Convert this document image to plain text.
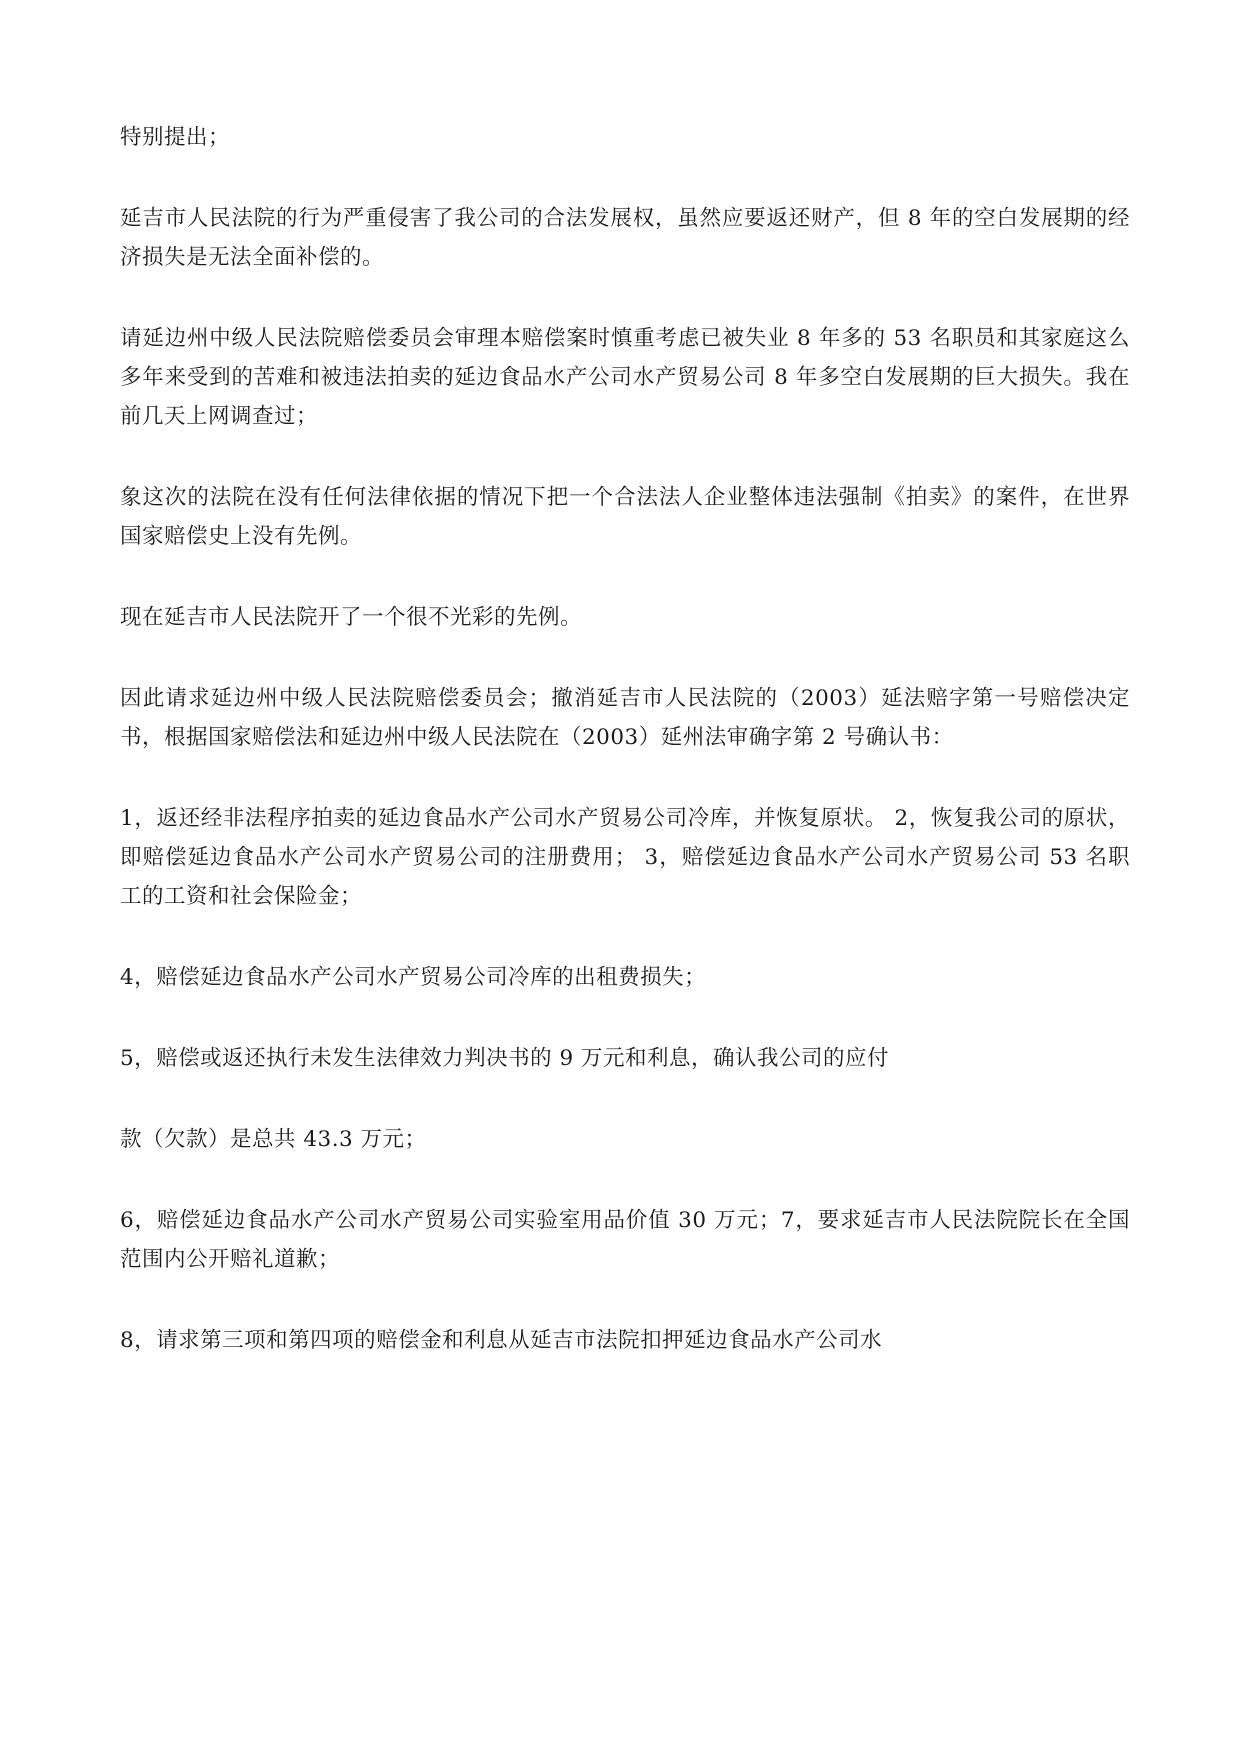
特别提出；

延吉市人民法院的行为严重侵害了我公司的合法发展权，虽然应要返还财产，但 8 年的空白发展期的经济损失是无法全面补偿的。

请延边州中级人民法院赔偿委员会审理本赔偿案时慎重考虑已被失业 8 年多的 53 名职员和其家庭这么多年来受到的苦难和被违法拍卖的延边食品水产公司水产贸易公司 8 年多空白发展期的巨大损失。我在前几天上网调查过；

象这次的法院在没有任何法律依据的情况下把一个合法法人企业整体违法强制《拍卖》的案件，在世界国家赔偿史上没有先例。

现在延吉市人民法院开了一个很不光彩的先例。

因此请求延边州中级人民法院赔偿委员会；撤消延吉市人民法院的（2003）延法赔字第一号赔偿决定书，根据国家赔偿法和延边州中级人民法院在（2003）延州法审确字第 2 号确认书：

1，返还经非法程序拍卖的延边食品水产公司水产贸易公司冷库，并恢复原状。 2，恢复我公司的原状，即赔偿延边食品水产公司水产贸易公司的注册费用； 3，赔偿延边食品水产公司水产贸易公司 53 名职工的工资和社会保险金；

4，赔偿延边食品水产公司水产贸易公司冷库的出租费损失；

5，赔偿或返还执行未发生法律效力判决书的 9 万元和利息，确认我公司的应付

款（欠款）是总共 43.3 万元；

6，赔偿延边食品水产公司水产贸易公司实验室用品价值 30 万元；7，要求延吉市人民法院院长在全国范围内公开赔礼道歉；

8，请求第三项和第四项的赔偿金和利息从延吉市法院扣押延边食品水产公司水
